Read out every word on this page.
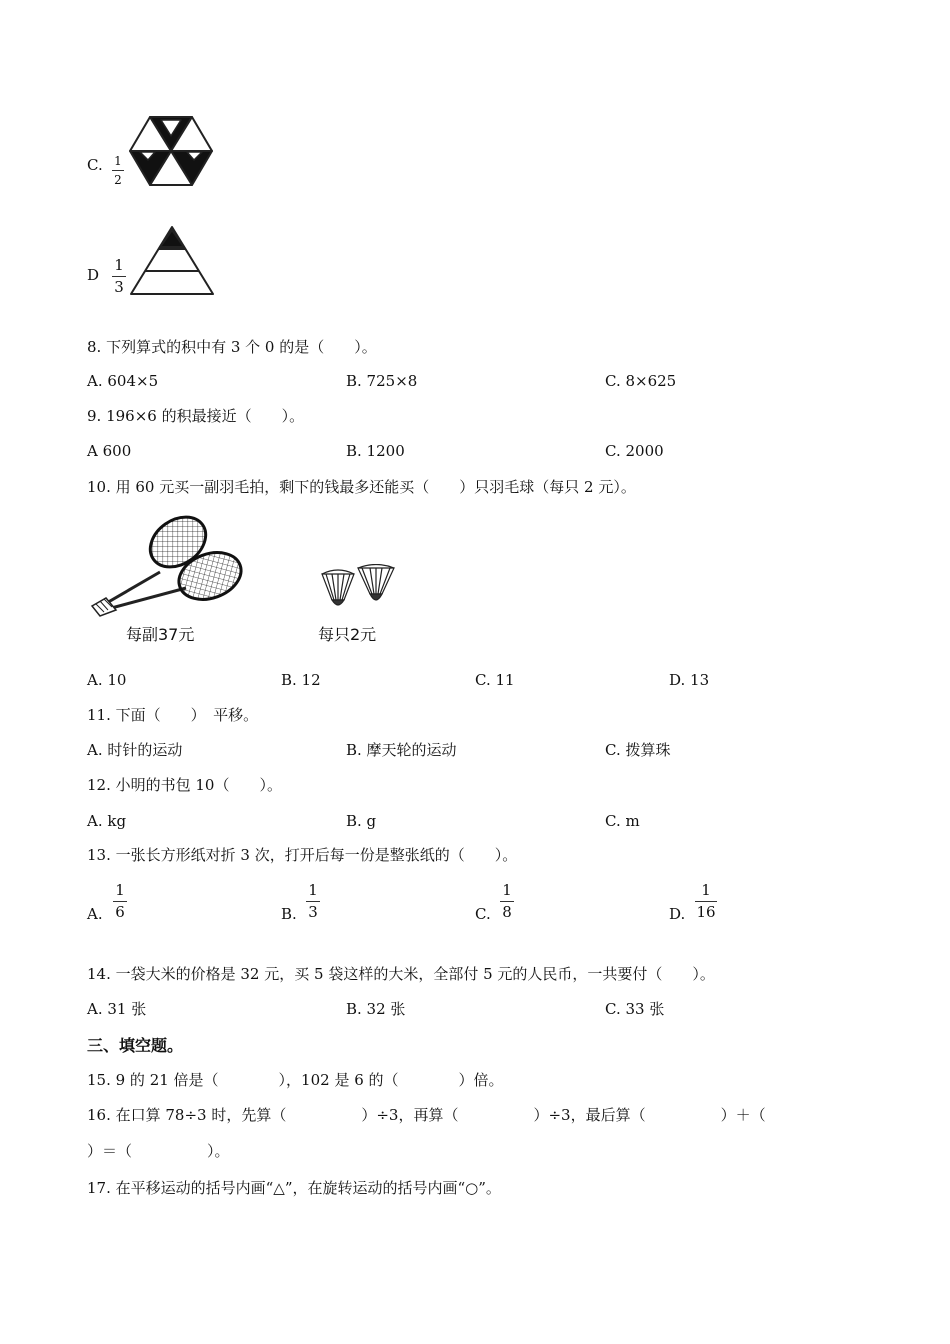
C. 1
2
D
1
3
8. 下列算式的积中有 3 个 0 的是（　　）。
A. 604×5	B. 725×8	C. 8×625
9. 196×6 的积最接近（　　）。
A 600	B. 1200	C. 2000
10. 用 60 元买一副羽毛拍，剩下的钱最多还能买（　　）只羽毛球（每只 2 元）。
每副37元	每只2元
A. 10	B. 12	C. 11	D. 13
11. 下面（　　）　平移。
A. 时针的运动	B. 摩天轮的运动	C. 拨算珠
12. 小明的书包 10（　　）。
A. kg	B. g	C. m
13. 一张长方形纸对折 3 次，打开后每一份是整张纸的（　　）。
A.
1
6	B.
1
3	C.
1
8	D.
1
16
14. 一袋大米的价格是 32 元，买 5 袋这样的大米，全部付 5 元的人民币，一共要付（　　）。
A. 31 张	B. 32 张	C. 33 张
三、填空题。
15. 9 的 21 倍是（　　　　），102 是 6 的（　　　　）倍。
16. 在口算 78÷3 时，先算（　　　　　）÷3，再算（　　　　　）÷3，最后算（　　　　　）＋（
）＝（　　　　　）。
17. 在平移运动的括号内画“△”，在旋转运动的括号内画“○”。
